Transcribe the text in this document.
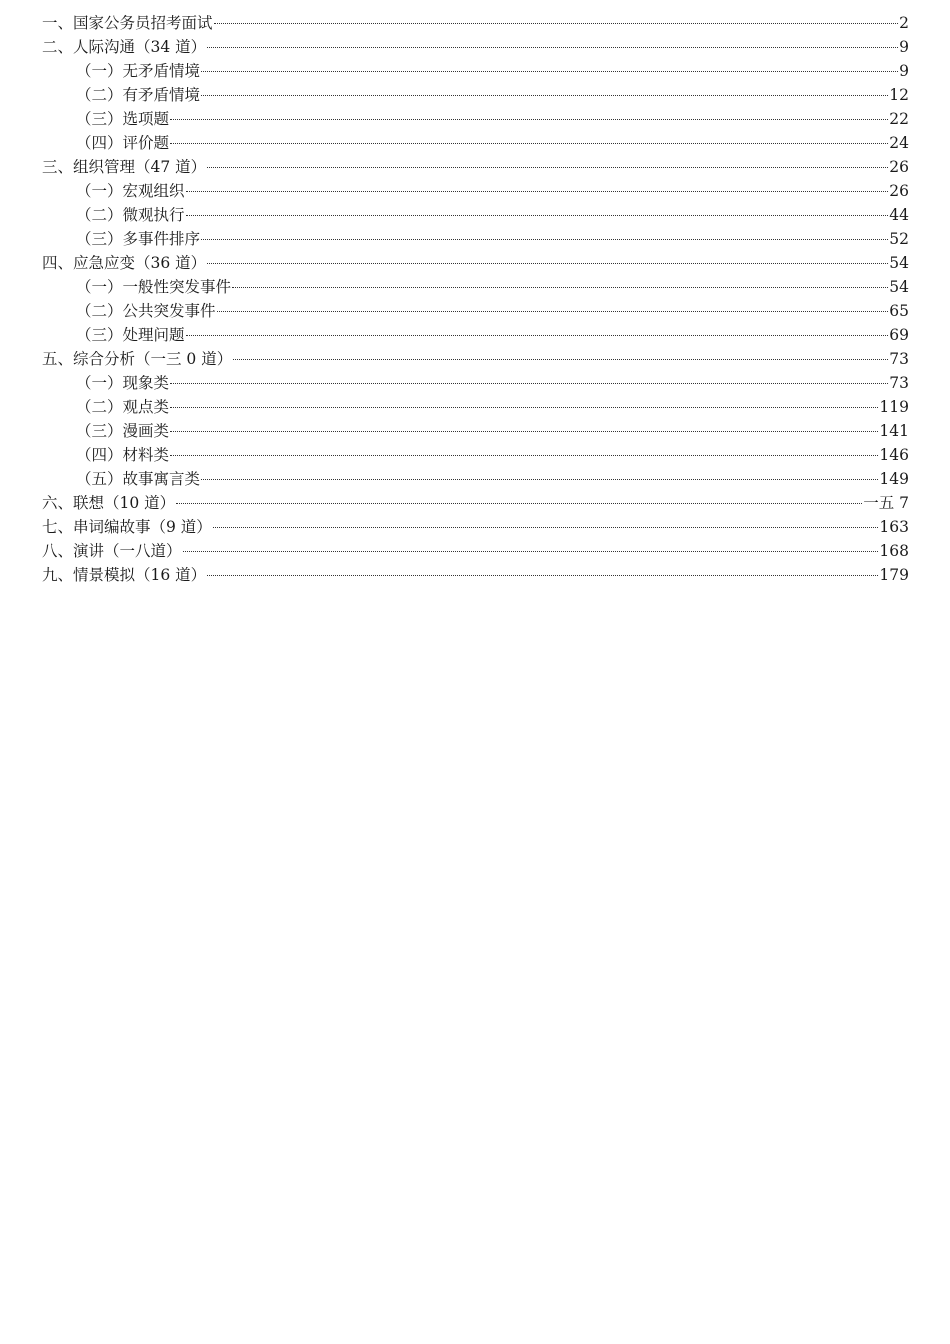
一、国家公务员招考面试	2
二、人际沟通（34 道）	9
（一）无矛盾情境	9
（二）有矛盾情境	12
（三）选项题	22
（四）评价题	24
三、组织管理（47 道）	26
（一）宏观组织	26
（二）微观执行	44
（三）多事件排序	52
四、应急应变（36 道）	54
（一）一般性突发事件	54
（二）公共突发事件	65
（三）处理问题	69
五、综合分析（一三 0 道）	73
（一）现象类	73
（二）观点类	119
（三）漫画类	141
（四）材料类	146
（五）故事寓言类	149
六、联想（10 道）	一五 7
七、串词编故事（9 道）	163
八、演讲（一八道）	168
九、情景模拟（16 道）	179
